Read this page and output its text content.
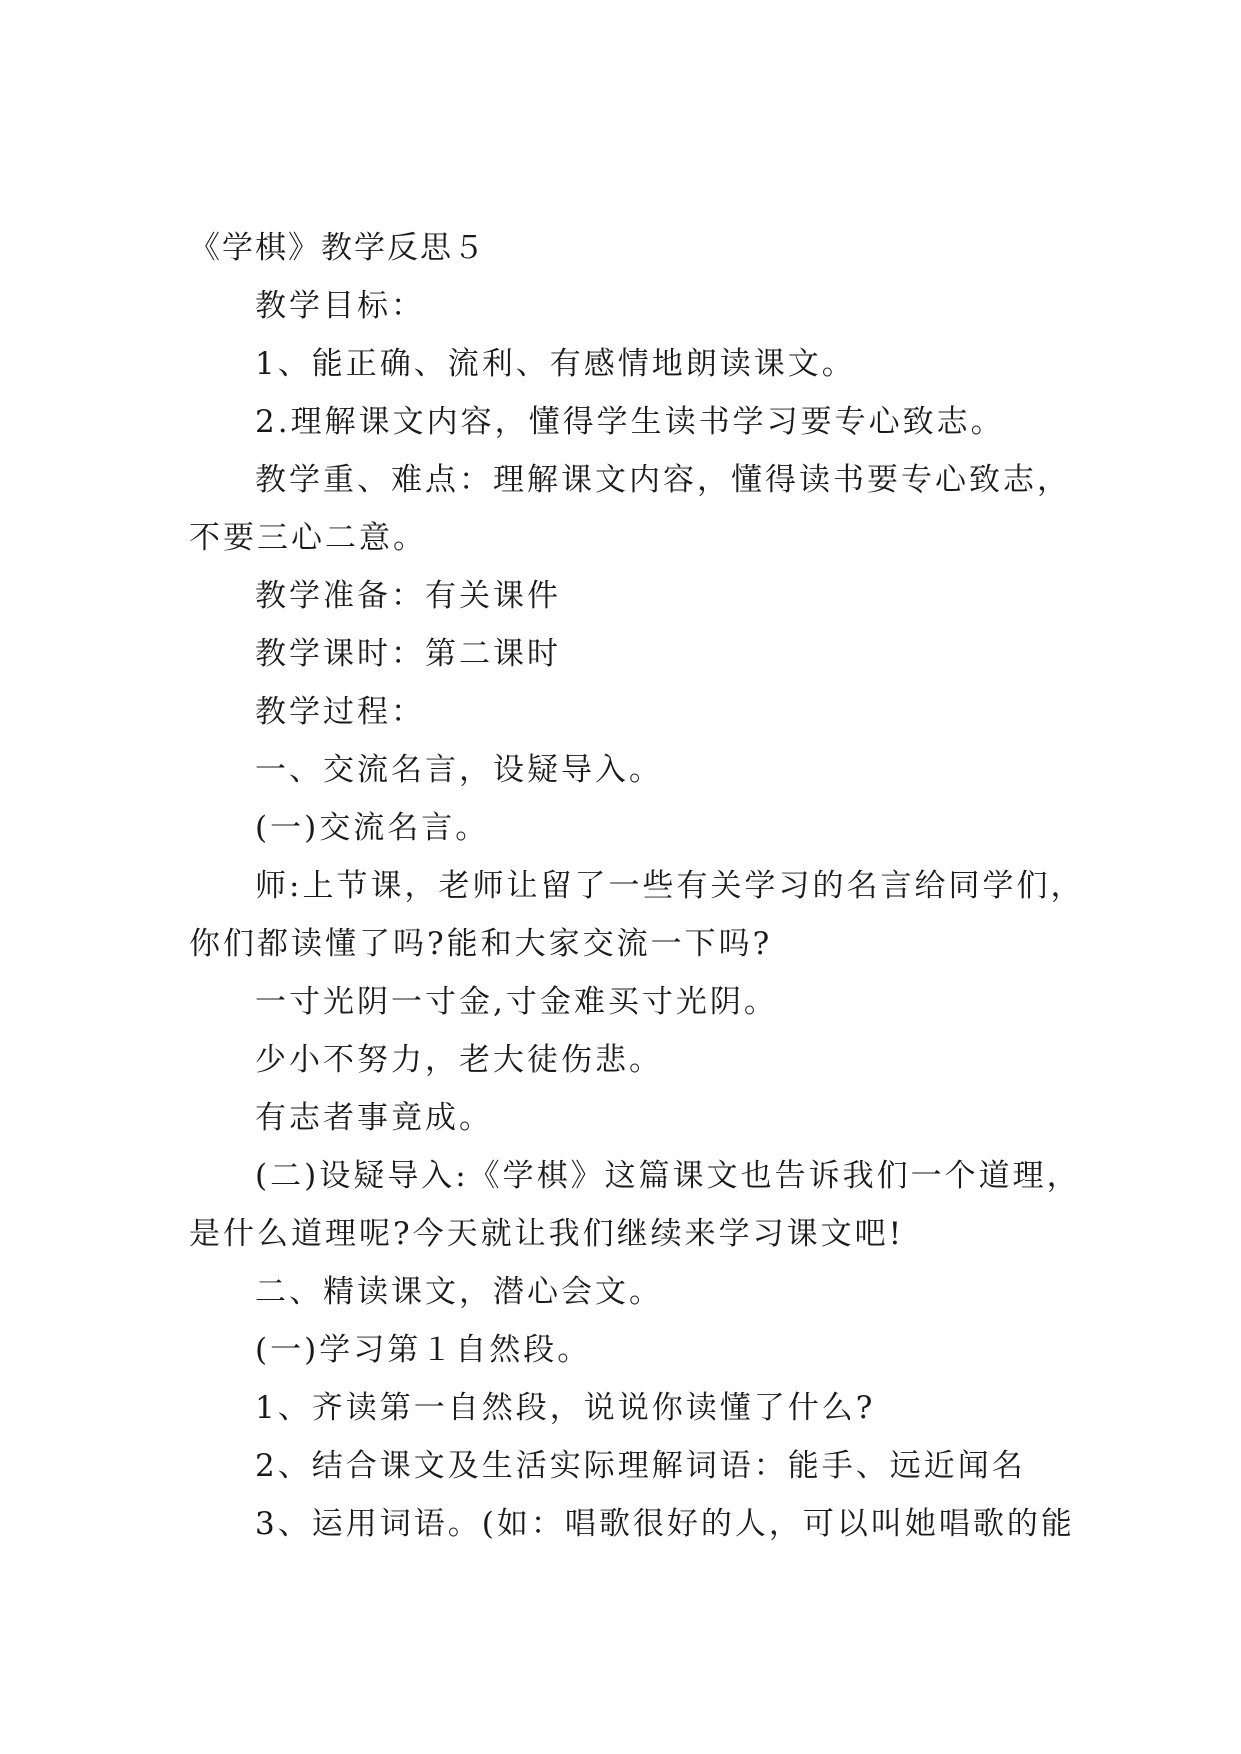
《学棋》教学反思５
教学目标：
1、能正确、流利、有感情地朗读课文。
2.理解课文内容，懂得学生读书学习要专心致志。
教学重、难点：理解课文内容，懂得读书要专心致志，
不要三心二意。
教学准备：有关课件
教学课时：第二课时
教学过程：
一、交流名言，设疑导入。
(一)交流名言。
师:上节课，老师让留了一些有关学习的名言给同学们，
你们都读懂了吗?能和大家交流一下吗?
一寸光阴一寸金,寸金难买寸光阴。
少小不努力，老大徒伤悲。
有志者事竟成。
(二)设疑导入:《学棋》这篇课文也告诉我们一个道理，
是什么道理呢?今天就让我们继续来学习课文吧!
二、精读课文，潜心会文。
(一)学习第１自然段。
1、齐读第一自然段，说说你读懂了什么?
2、结合课文及生活实际理解词语：能手、远近闻名
3、运用词语。(如：唱歌很好的人，可以叫她唱歌的能
